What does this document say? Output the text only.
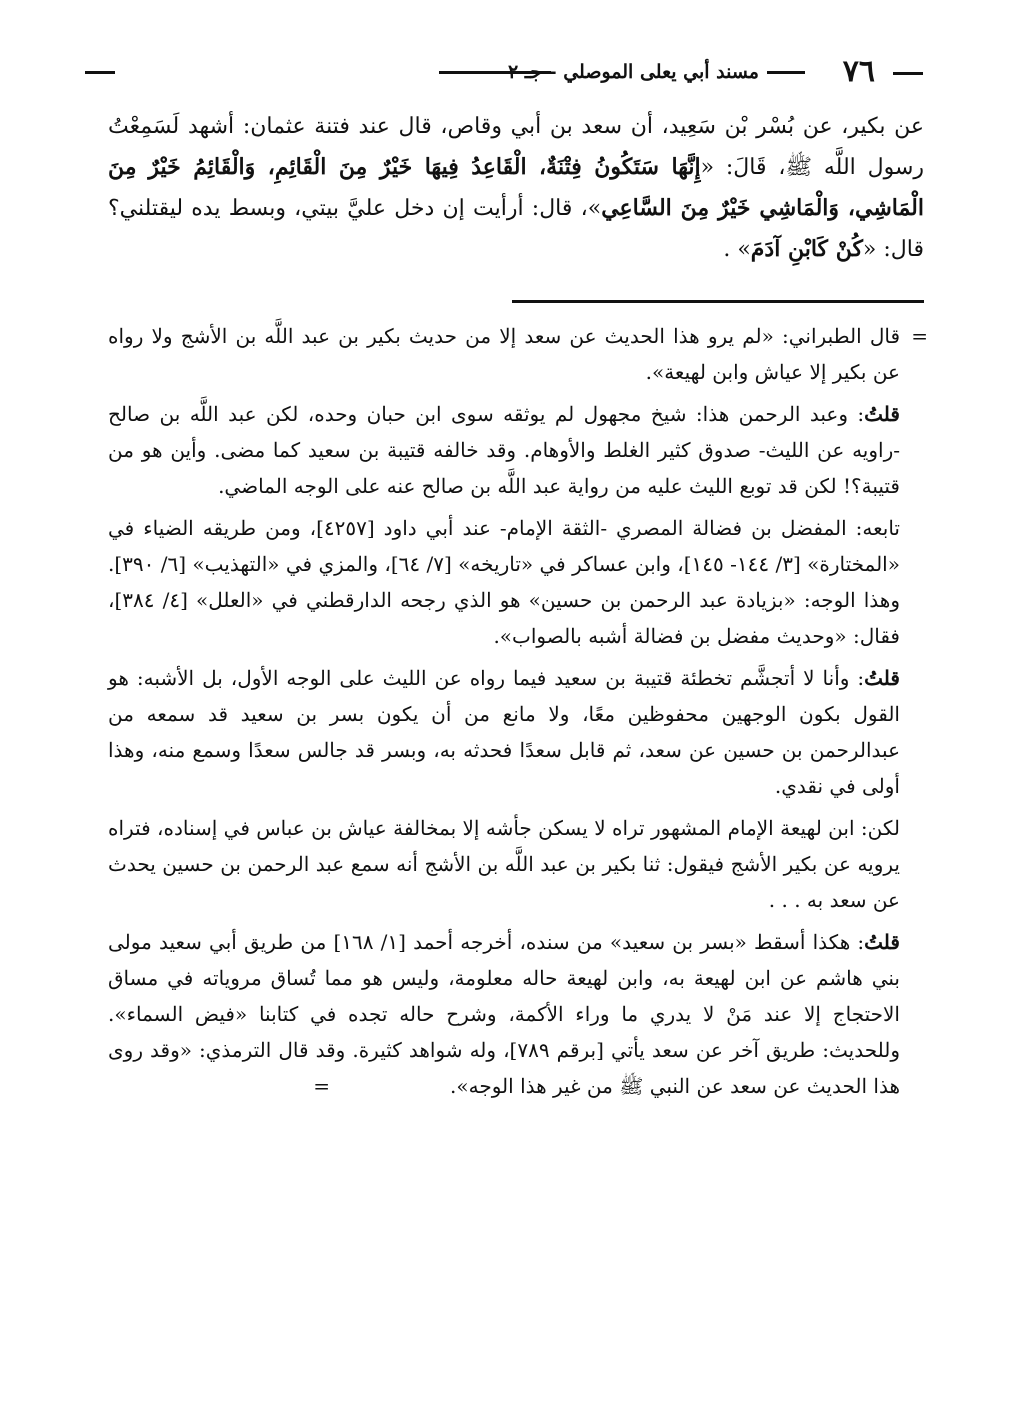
٧٦
مسند أبي يعلى الموصلي - جـ ٢

عن بكير، عن بُسْر بْن سَعِيد، أن سعد بن أبي وقاص، قال عند فتنة عثمان: أشهد لَسَمِعْتُ رسول اللَّه ﷺ، قَالَ: «إِنَّهَا سَتَكُونُ فِتْنَةٌ، الْقَاعِدُ فِيهَا خَيْرٌ مِنَ الْقَائِمِ، وَالْقَائِمُ خَيْرٌ مِنَ الْمَاشِي، وَالْمَاشِي خَيْرٌ مِنَ السَّاعِي»، قال: أرأيت إن دخل عليَّ بيتي، وبسط يده ليقتلني؟ قال: «كُنْ كَابْنِ آدَمَ» .

=

قال الطبراني: «لم يرو هذا الحديث عن سعد إلا من حديث بكير بن عبد اللَّه بن الأشج ولا رواه عن بكير إلا عياش وابن لهيعة».

قلتُ: وعبد الرحمن هذا: شيخ مجهول لم يوثقه سوى ابن حبان وحده، لكن عبد اللَّه بن صالح -راويه عن الليث- صدوق كثير الغلط والأوهام. وقد خالفه قتيبة بن سعيد كما مضى. وأين هو من قتيبة؟! لكن قد توبع الليث عليه من رواية عبد اللَّه بن صالح عنه على الوجه الماضي.

تابعه: المفضل بن فضالة المصري -الثقة الإمام- عند أبي داود [٤٢٥٧]، ومن طريقه الضياء في «المختارة» [٣/ ١٤٤- ١٤٥]، وابن عساكر في «تاريخه» [٧/ ٦٤]، والمزي في «التهذيب» [٦/ ٣٩٠]. وهذا الوجه: «بزيادة عبد الرحمن بن حسين» هو الذي رجحه الدارقطني في «العلل» [٤/ ٣٨٤]، فقال: «وحديث مفضل بن فضالة أشبه بالصواب».

قلتُ: وأنا لا أتجشَّم تخطئة قتيبة بن سعيد فيما رواه عن الليث على الوجه الأول، بل الأشبه: هو القول بكون الوجهين محفوظين معًا، ولا مانع من أن يكون بسر بن سعيد قد سمعه من عبدالرحمن بن حسين عن سعد، ثم قابل سعدًا فحدثه به، وبسر قد جالس سعدًا وسمع منه، وهذا أولى في نقدي.

لكن: ابن لهيعة الإمام المشهور تراه لا يسكن جأشه إلا بمخالفة عياش بن عباس في إسناده، فتراه يرويه عن بكير الأشج فيقول: ثنا بكير بن عبد اللَّه بن الأشج أنه سمع عبد الرحمن بن حسين يحدث عن سعد به . . .

قلتُ: هكذا أسقط «بسر بن سعيد» من سنده، أخرجه أحمد [١/ ١٦٨] من طريق أبي سعيد مولى بني هاشم عن ابن لهيعة به، وابن لهيعة حاله معلومة، وليس هو مما تُساق مروياته في مساق الاحتجاج إلا عند مَنْ لا يدري ما وراء الأكمة، وشرح حاله تجده في كتابنا «فيض السماء». وللحديث: طريق آخر عن سعد يأتي [برقم ٧٨٩]، وله شواهد كثيرة. وقد قال الترمذي: «وقد روى هذا الحديث عن سعد عن النبي ﷺ من غير هذا الوجه».=
